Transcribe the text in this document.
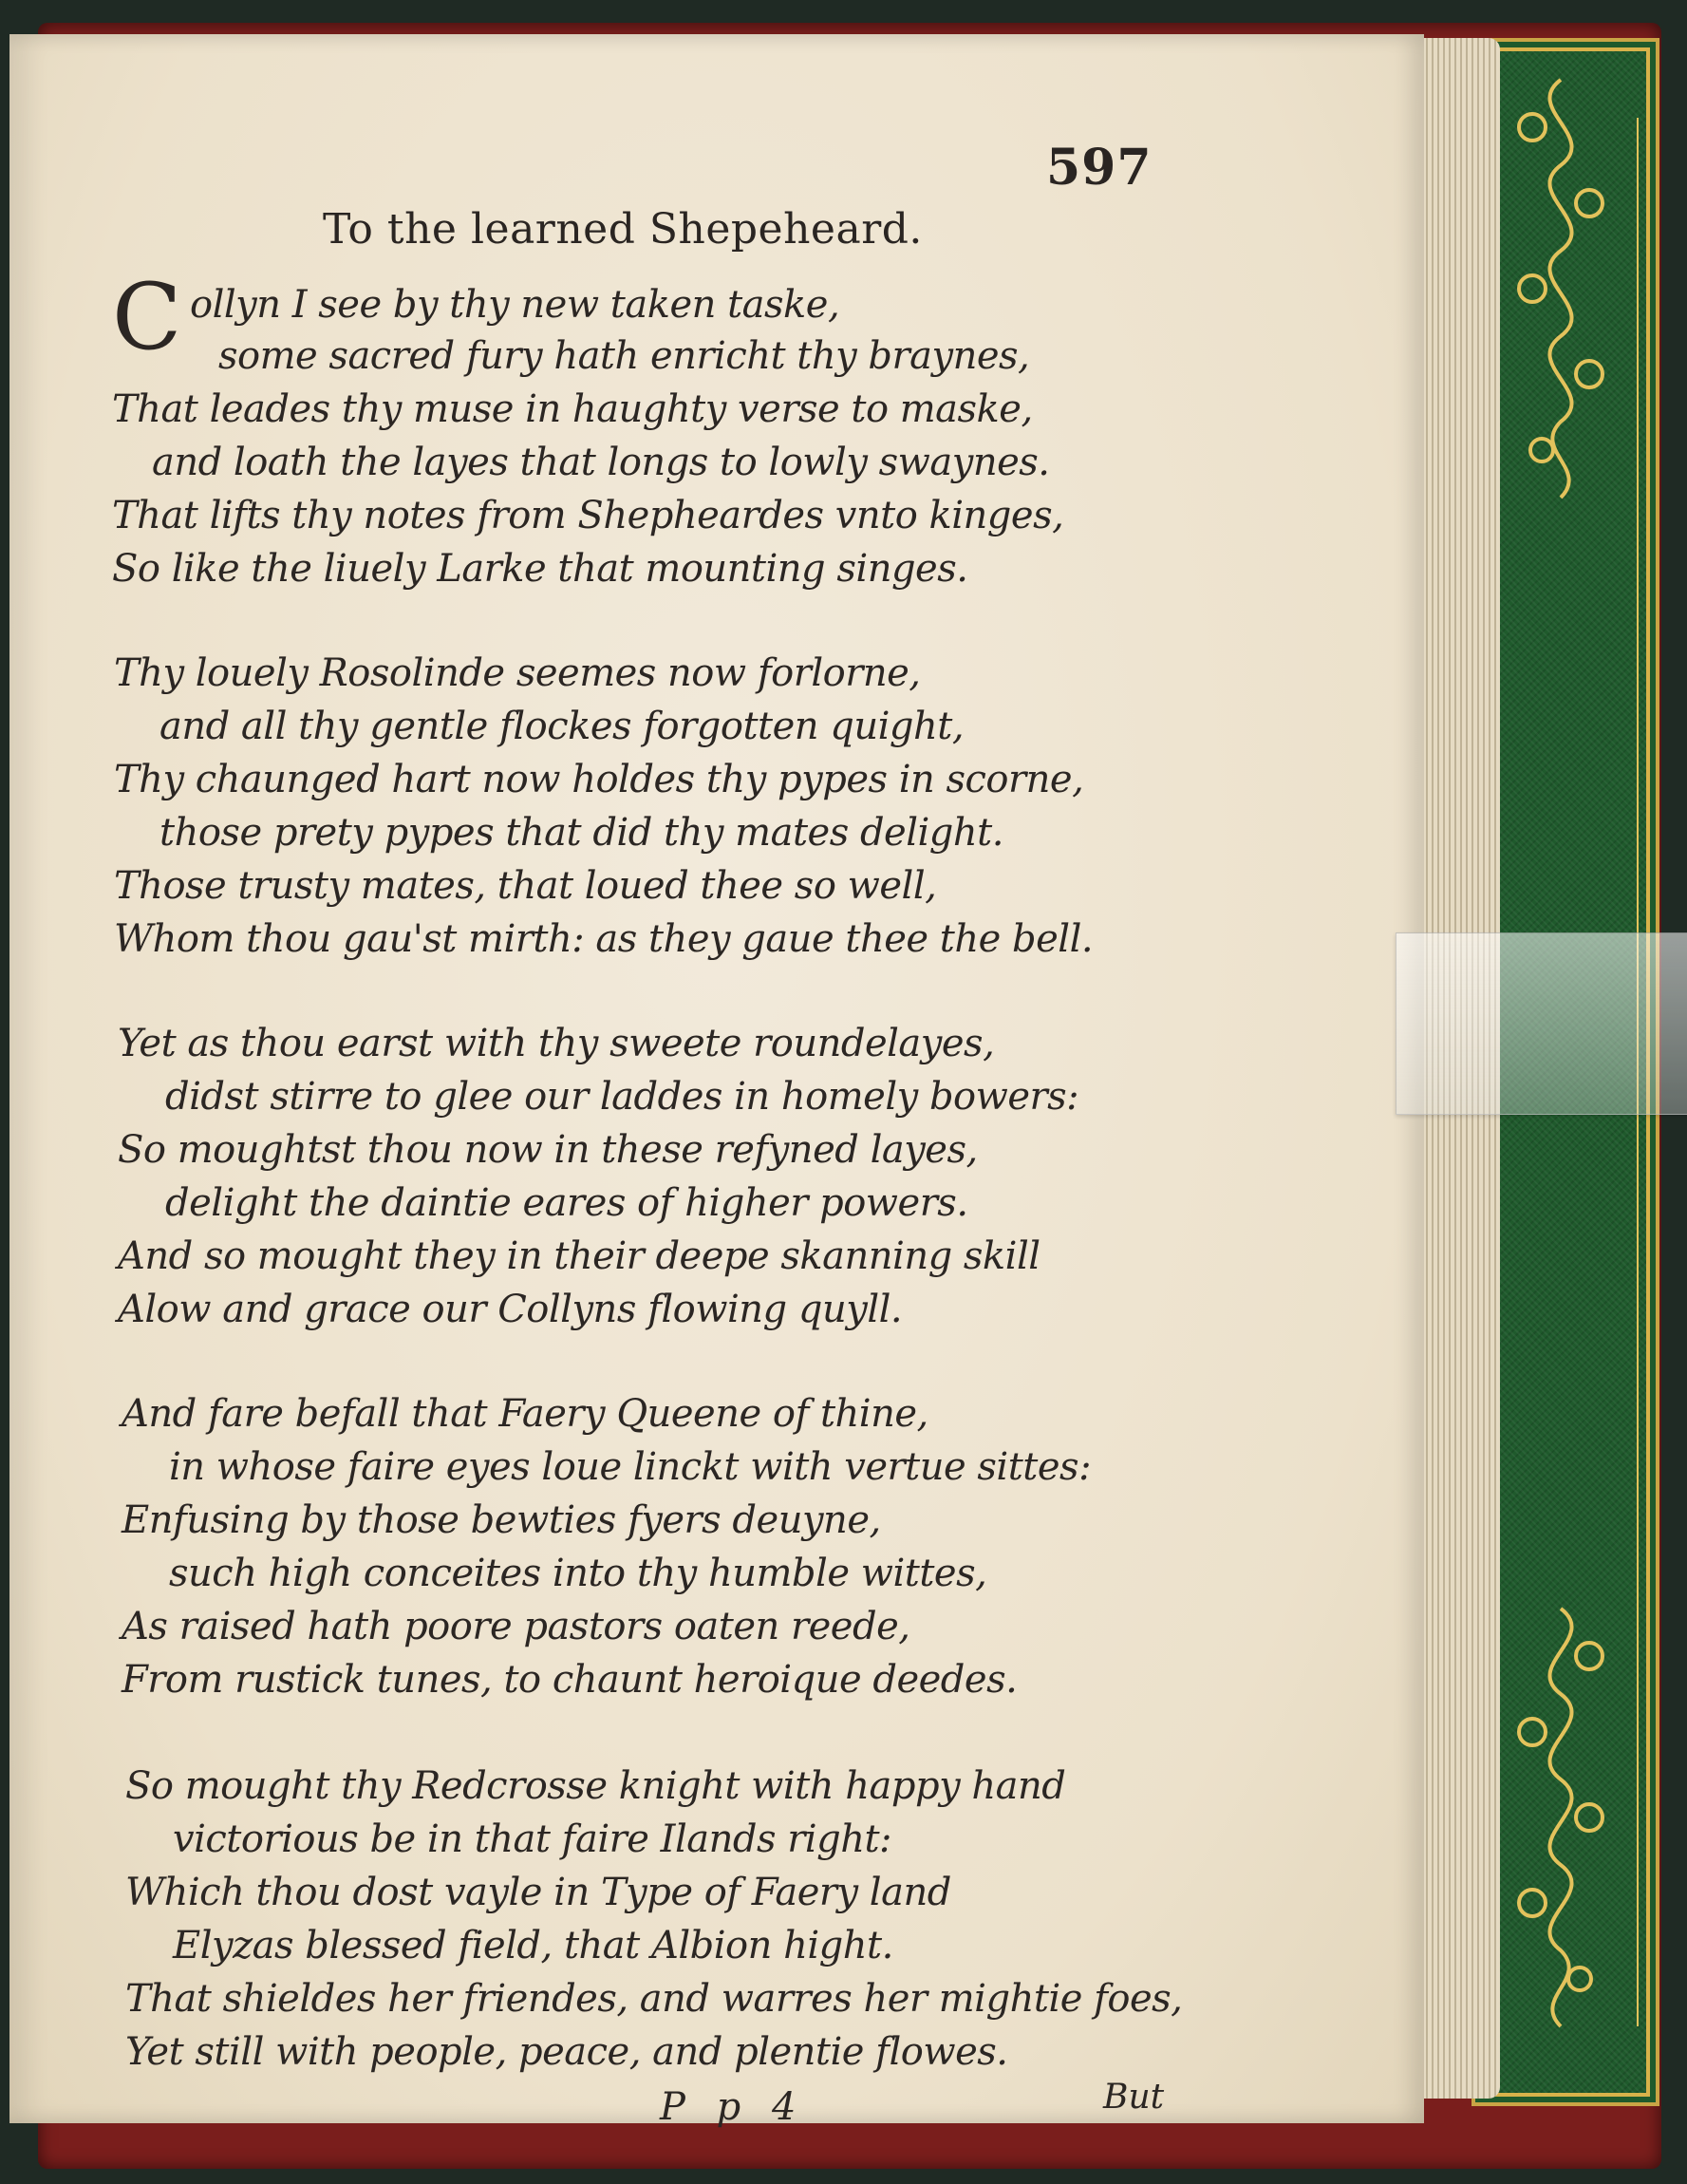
597
To the learned Shepeheard.
C ollyn I see by thy new taken taske,
some sacred fury hath enricht thy braynes,
That leades thy muse in haughty verse to maske,
and loath the layes that longs to lowly swaynes.
That lifts thy notes from Shepheardes vnto kinges,
So like the liuely Larke that mounting singes.
Thy louely Rosolinde seemes now forlorne,
and all thy gentle flockes forgotten quight,
Thy chaunged hart now holdes thy pypes in scorne,
those prety pypes that did thy mates delight.
Those trusty mates, that loued thee so well,
Whom thou gau'st mirth: as they gaue thee the bell.
Yet as thou earst with thy sweete roundelayes,
didst stirre to glee our laddes in homely bowers:
So moughtst thou now in these refyned layes,
delight the daintie eares of higher powers.
And so mought they in their deepe skanning skill
Alow and grace our Collyns flowing quyll.
And fare befall that Faery Queene of thine,
in whose faire eyes loue linckt with vertue sittes:
Enfusing by those bewties fyers deuyne,
such high conceites into thy humble wittes,
As raised hath poore pastors oaten reede,
From rustick tunes, to chaunt heroique deedes.
So mought thy Redcrosse knight with happy hand
victorious be in that faire Ilands right:
Which thou dost vayle in Type of Faery land
Elyzas blessed field, that Albion hight.
That shieldes her friendes, and warres her mightie foes,
Yet still with people, peace, and plentie flowes.
P p 4	But
